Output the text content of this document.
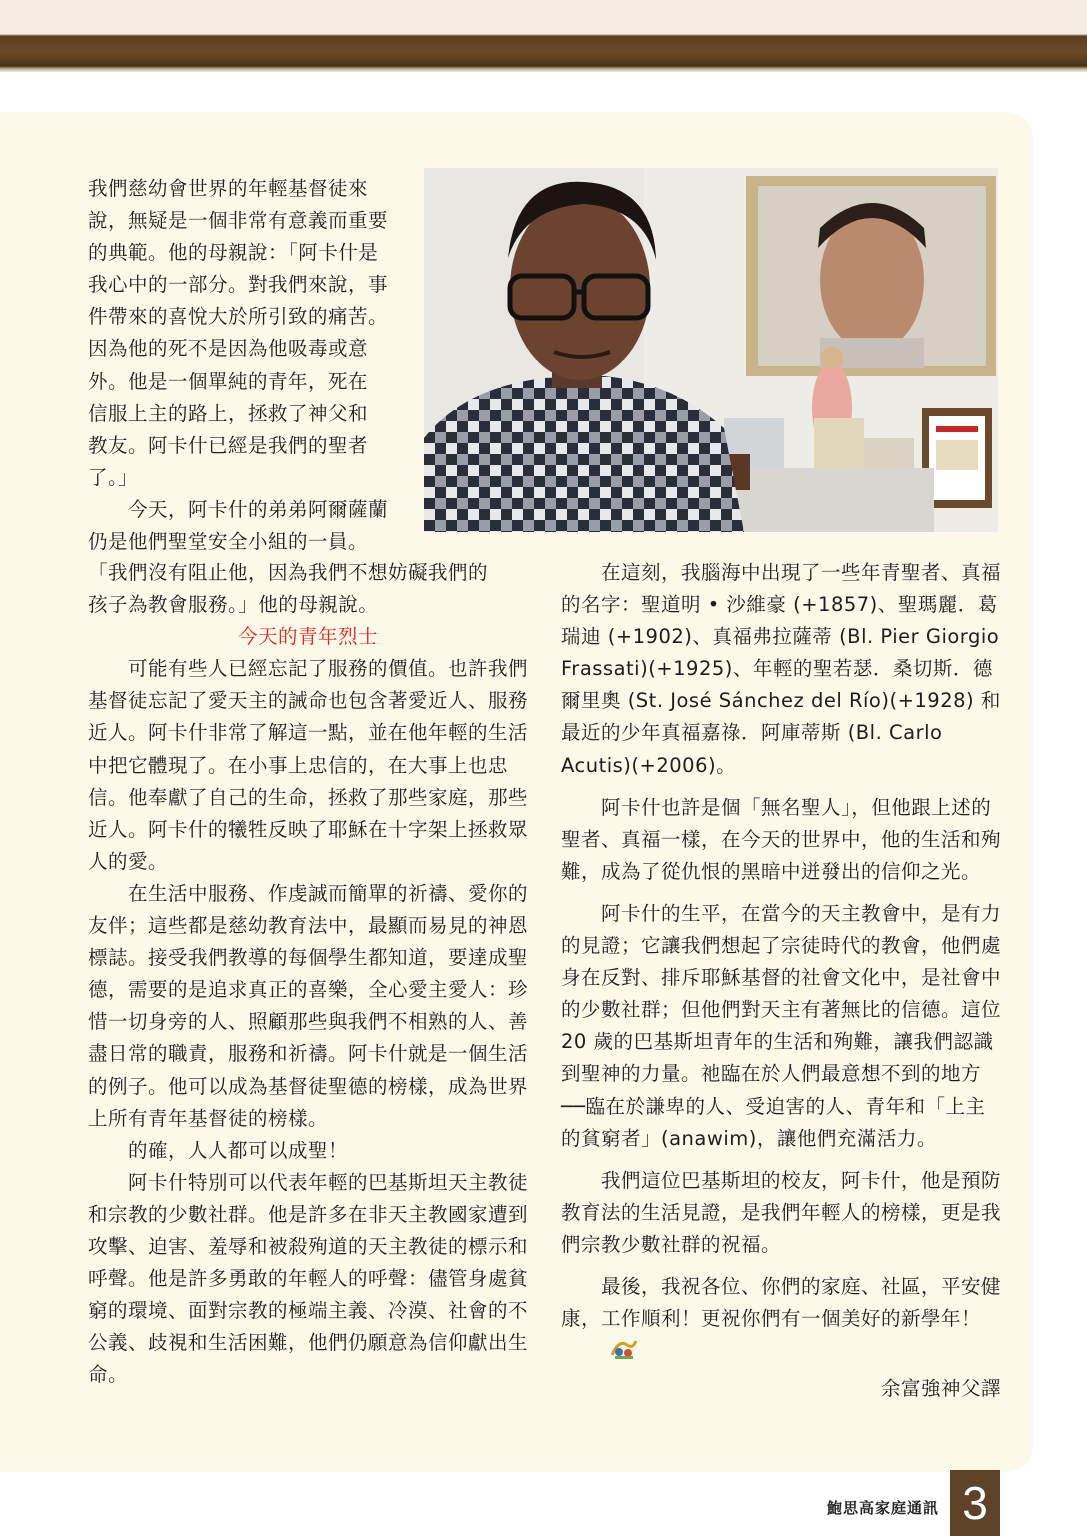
我們慈幼會世界的年輕基督徒來

說，無疑是一個非常有意義而重要

的典範。他的母親說：「阿卡什是

我心中的一部分。對我們來說，事

件帶來的喜悅大於所引致的痛苦。

因為他的死不是因為他吸毒或意

外。他是一個單純的青年，死在

信服上主的路上，拯救了神父和

教友。阿卡什已經是我們的聖者

了。」

今天，阿卡什的弟弟阿爾薩蘭

仍是他們聖堂安全小組的一員。

「我們沒有阻止他，因為我們不想妨礙我們的

孩子為教會服務。」他的母親說。

今天的青年烈士

可能有些人已經忘記了服務的價值。也許我們基督徒忘記了愛天主的誡命也包含著愛近人、服務近人。阿卡什非常了解這一點，並在他年輕的生活中把它體現了。在小事上忠信的，在大事上也忠信。他奉獻了自己的生命，拯救了那些家庭，那些近人。阿卡什的犧牲反映了耶穌在十字架上拯救眾人的愛。

在生活中服務、作虔誠而簡單的祈禱、愛你的友伴；這些都是慈幼教育法中，最顯而易見的神恩標誌。接受我們教導的每個學生都知道，要達成聖德，需要的是追求真正的喜樂，全心愛主愛人：珍惜一切身旁的人、照顧那些與我們不相熟的人、善盡日常的職責，服務和祈禱。阿卡什就是一個生活的例子。他可以成為基督徒聖德的榜樣，成為世界上所有青年基督徒的榜樣。

的確，人人都可以成聖！

阿卡什特別可以代表年輕的巴基斯坦天主教徒和宗教的少數社群。他是許多在非天主教國家遭到攻擊、迫害、羞辱和被殺殉道的天主教徒的標示和呼聲。他是許多勇敢的年輕人的呼聲：儘管身處貧窮的環境、面對宗教的極端主義、冷漠、社會的不公義、歧視和生活困難，他們仍願意為信仰獻出生命。

在這刻，我腦海中出現了一些年青聖者、真福的名字：聖道明 • 沙維豪 (+1857)、聖瑪麗．葛瑞迪 (+1902)、真福弗拉薩蒂 (Bl. Pier Giorgio Frassati)(+1925)、年輕的聖若瑟．桑切斯．德爾里奧 (St. José Sánchez del Río)(+1928) 和最近的少年真福嘉祿．阿庫蒂斯 (Bl. Carlo Acutis)(+2006)。

阿卡什也許是個「無名聖人」，但他跟上述的聖者、真福一樣，在今天的世界中，他的生活和殉難，成為了從仇恨的黑暗中迸發出的信仰之光。

阿卡什的生平，在當今的天主教會中，是有力的見證；它讓我們想起了宗徒時代的教會，他們處身在反對、排斥耶穌基督的社會文化中，是社會中的少數社群；但他們對天主有著無比的信德。這位 20 歲的巴基斯坦青年的生活和殉難，讓我們認識到聖神的力量。祂臨在於人們最意想不到的地方──臨在於謙卑的人、受迫害的人、青年和「上主的貧窮者」(anawim)，讓他們充滿活力。

我們這位巴基斯坦的校友，阿卡什，他是預防教育法的生活見證，是我們年輕人的榜樣，更是我們宗教少數社群的祝福。

最後，我祝各位、你們的家庭、社區，平安健康，工作順利！更祝你們有一個美好的新學年！

余富強神父譯

鮑思高家庭通訊 3
